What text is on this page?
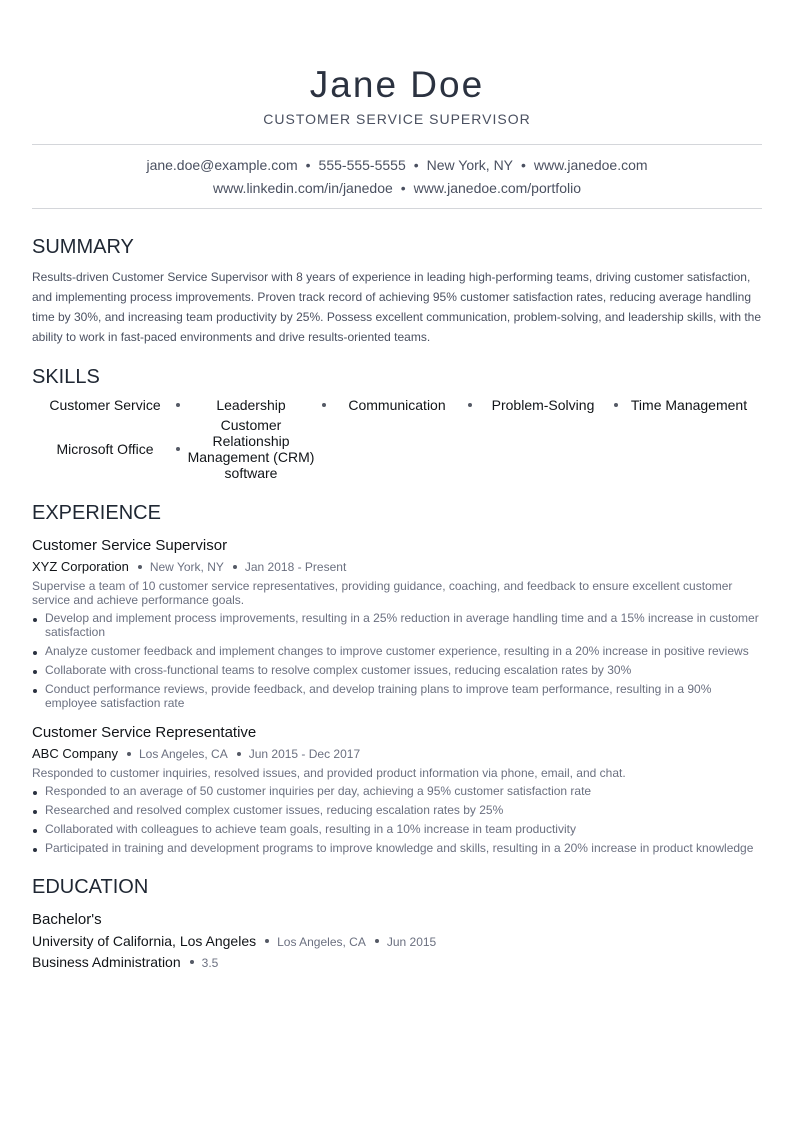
Jane Doe
CUSTOMER SERVICE SUPERVISOR
jane.doe@example.com • 555-555-5555 • New York, NY • www.janedoe.com
www.linkedin.com/in/janedoe • www.janedoe.com/portfolio
SUMMARY
Results-driven Customer Service Supervisor with 8 years of experience in leading high-performing teams, driving customer satisfaction, and implementing process improvements. Proven track record of achieving 95% customer satisfaction rates, reducing average handling time by 30%, and increasing team productivity by 25%. Possess excellent communication, problem-solving, and leadership skills, with the ability to work in fast-paced environments and drive results-oriented teams.
SKILLS
Customer Service	Leadership	Communication	Problem-Solving	Time Management
Microsoft Office
Customer Relationship Management (CRM) software
EXPERIENCE
Customer Service Supervisor
XYZ Corporation New York, NY Jan 2018 - Present
Supervise a team of 10 customer service representatives, providing guidance, coaching, and feedback to ensure excellent customer service and achieve performance goals.
Develop and implement process improvements, resulting in a 25% reduction in average handling time and a 15% increase in customer satisfaction
Analyze customer feedback and implement changes to improve customer experience, resulting in a 20% increase in positive reviews
Collaborate with cross-functional teams to resolve complex customer issues, reducing escalation rates by 30%
Conduct performance reviews, provide feedback, and develop training plans to improve team performance, resulting in a 90% employee satisfaction rate
Customer Service Representative
ABC Company Los Angeles, CA Jun 2015 - Dec 2017
Responded to customer inquiries, resolved issues, and provided product information via phone, email, and chat.
Responded to an average of 50 customer inquiries per day, achieving a 95% customer satisfaction rate
Researched and resolved complex customer issues, reducing escalation rates by 25%
Collaborated with colleagues to achieve team goals, resulting in a 10% increase in team productivity
Participated in training and development programs to improve knowledge and skills, resulting in a 20% increase in product knowledge
EDUCATION
Bachelor's
University of California, Los Angeles Los Angeles, CA Jun 2015
Business Administration 3.5
